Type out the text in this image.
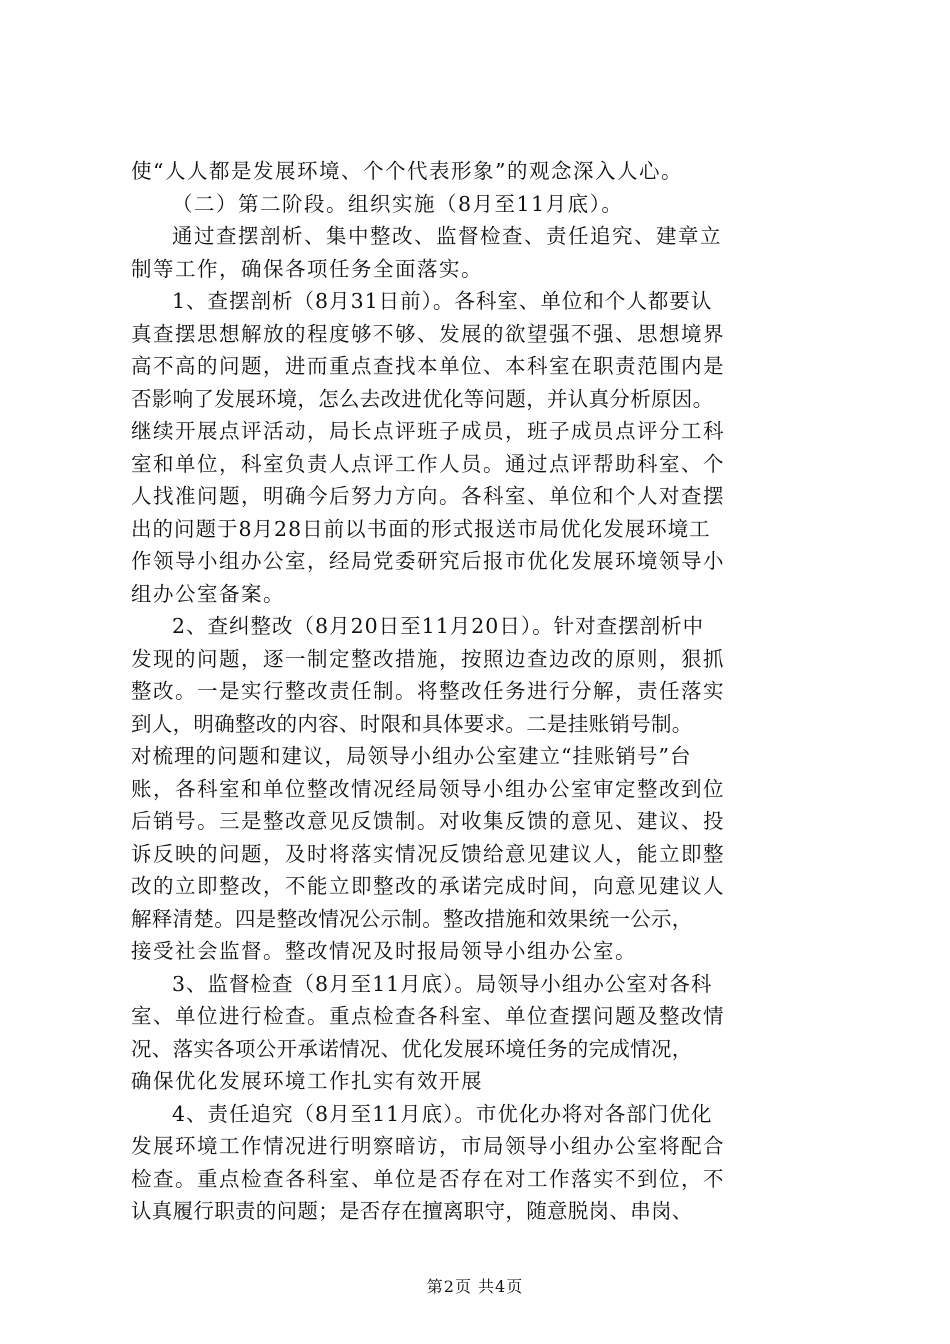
使“人人都是发展环境、个个代表形象”的观念深入人心。
（二）第二阶段。组织实施（8月至11月底）。
通过查摆剖析、集中整改、监督检查、责任追究、建章立
制等工作，确保各项任务全面落实。
1、查摆剖析（8月31日前）。各科室、单位和个人都要认
真查摆思想解放的程度够不够、发展的欲望强不强、思想境界
高不高的问题，进而重点查找本单位、本科室在职责范围内是
否影响了发展环境，怎么去改进优化等问题，并认真分析原因。
继续开展点评活动，局长点评班子成员，班子成员点评分工科
室和单位，科室负责人点评工作人员。通过点评帮助科室、个
人找准问题，明确今后努力方向。各科室、单位和个人对查摆
出的问题于8月28日前以书面的形式报送市局优化发展环境工
作领导小组办公室，经局党委研究后报市优化发展环境领导小
组办公室备案。
2、查纠整改（8月20日至11月20日）。针对查摆剖析中
发现的问题，逐一制定整改措施，按照边查边改的原则，狠抓
整改。一是实行整改责任制。将整改任务进行分解，责任落实
到人，明确整改的内容、时限和具体要求。二是挂账销号制。
对梳理的问题和建议，局领导小组办公室建立“挂账销号”台
账，各科室和单位整改情况经局领导小组办公室审定整改到位
后销号。三是整改意见反馈制。对收集反馈的意见、建议、投
诉反映的问题，及时将落实情况反馈给意见建议人，能立即整
改的立即整改，不能立即整改的承诺完成时间，向意见建议人
解释清楚。四是整改情况公示制。整改措施和效果统一公示，
接受社会监督。整改情况及时报局领导小组办公室。
3、监督检查（8月至11月底）。局领导小组办公室对各科
室、单位进行检查。重点检查各科室、单位查摆问题及整改情
况、落实各项公开承诺情况、优化发展环境任务的完成情况，
确保优化发展环境工作扎实有效开展
4、责任追究（8月至11月底）。市优化办将对各部门优化
发展环境工作情况进行明察暗访，市局领导小组办公室将配合
检查。重点检查各科室、单位是否存在对工作落实不到位，不
认真履行职责的问题；是否存在擅离职守，随意脱岗、串岗、
第2页 共4页
